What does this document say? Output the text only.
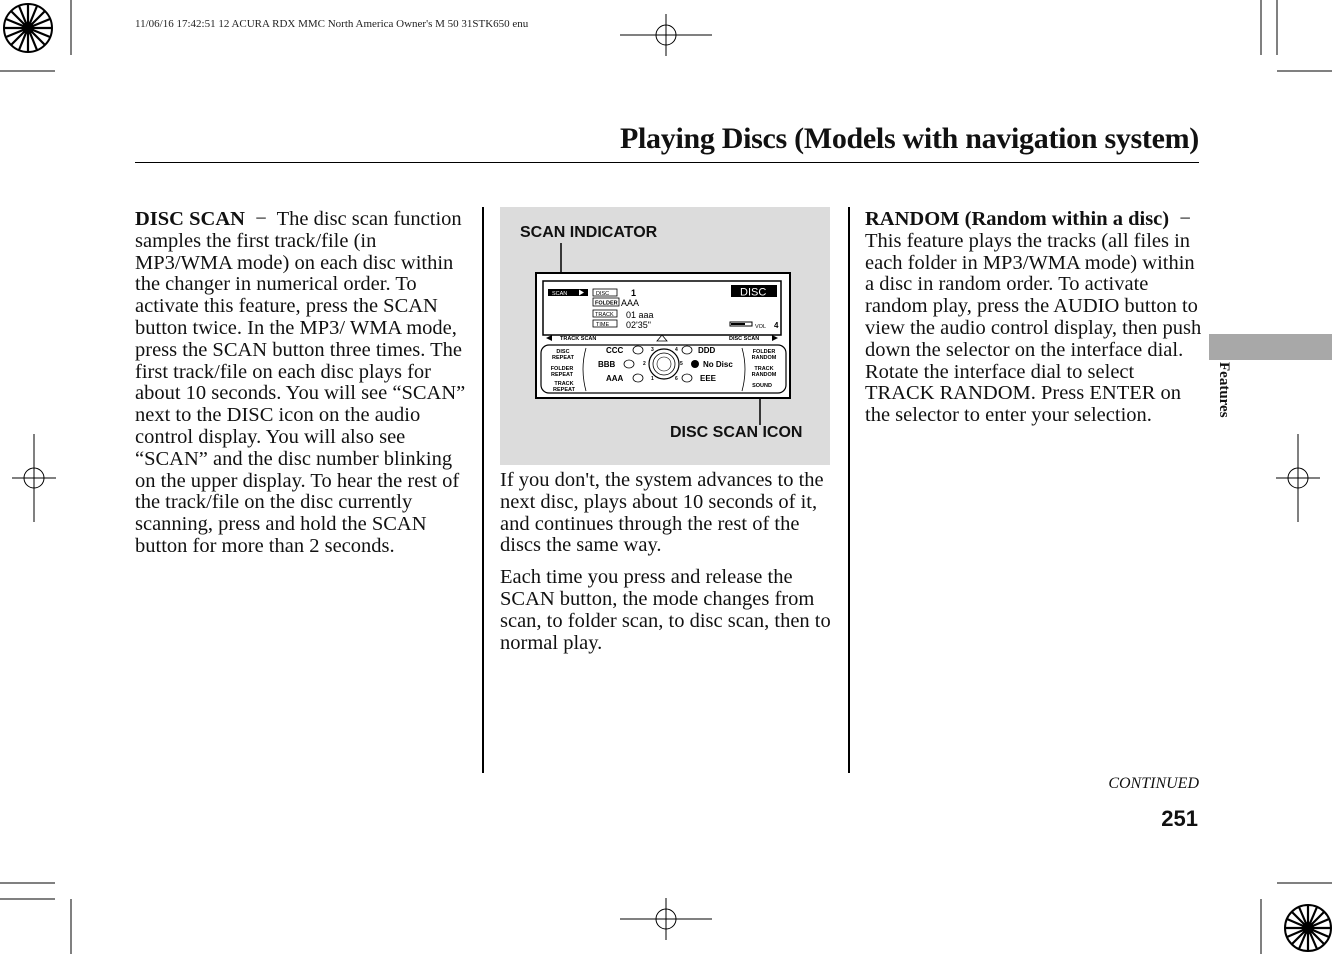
11/06/16 17:42:51 12 ACURA RDX MMC North America Owner's M 50 31STK650 enu
Playing Discs (Models with navigation system)

DISC SCAN − The disc scan function samples the first track/file (in MP3/WMA mode) on each disc within the changer in numerical order. To activate this feature, press the SCAN button twice. In the MP3/ WMA mode, press the SCAN button three times. The first track/file on each disc plays for about 10 seconds. You will see “SCAN” next to the DISC icon on the audio control display. You will also see “SCAN” and the disc number blinking on the upper display. To hear the rest of the track/file on the disc currently scanning, press and hold the SCAN button for more than 2 seconds.

SCAN INDICATOR
DISC SCAN ICON
SCAN	DISC
FOLDER
TRACK
TIME
1
AAA
01 aaa
02'35"
DISC
VOL 4
TRACK SCAN	DISC SCAN
DISC
REPEAT
FOLDER
REPEAT
TRACK
REPEAT
FOLDER
RANDOM
TRACK
RANDOM
SOUND
CCC
BBB
AAA
DDD
No Disc
EEE
3
2
1
4
5
6

If you don't, the system advances to the next disc, plays about 10 seconds of it, and continues through the rest of the discs the same way.

Each time you press and release the SCAN button, the mode changes from scan, to folder scan, to disc scan, then to normal play.

RANDOM (Random within a disc) −  This feature plays the tracks (all files in each folder in MP3/WMA mode) within a disc in random order. To activate random play, press the AUDIO button to view the audio control display, then push down the selector on the interface dial. Rotate the interface dial to select TRACK RANDOM. Press ENTER on the selector to enter your selection.	Features
CONTINUED
251
